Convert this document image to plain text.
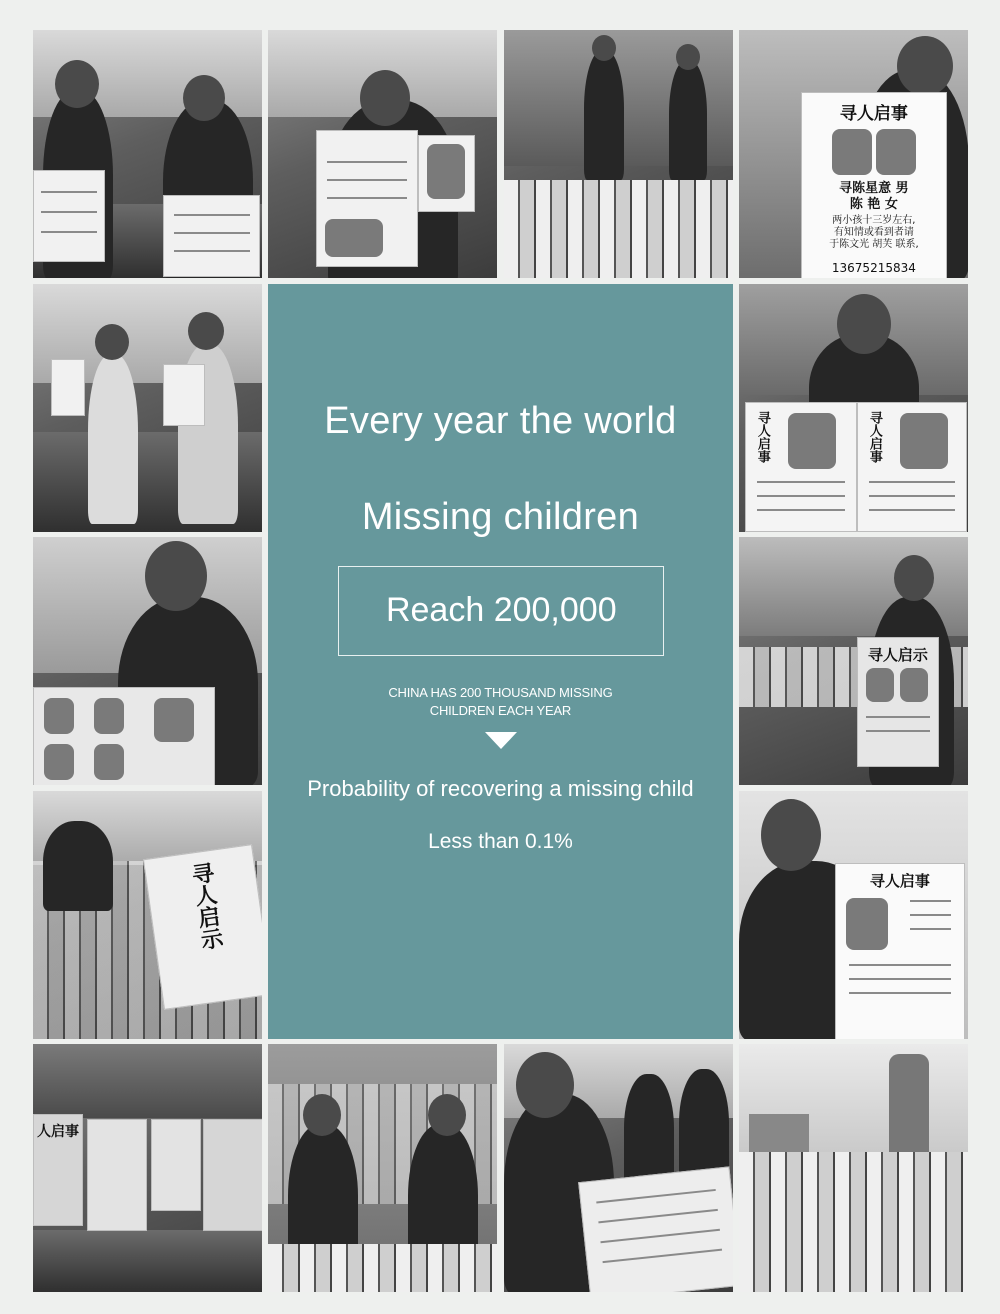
寻人启事
寻陈星意 男
陈 艳 女
两小孩十三岁左右,
有知情或看到者请
于陈文光 胡芙 联系,
13675215834
Every year the world
Missing children
Reach 200,000
CHINA HAS 200 THOUSAND MISSING
CHILDREN EACH YEAR
Probability of recovering a missing child
Less than 0.1%
寻人启事	寻人启事
寻人启示
寻人启示	寻人启事
人启事
